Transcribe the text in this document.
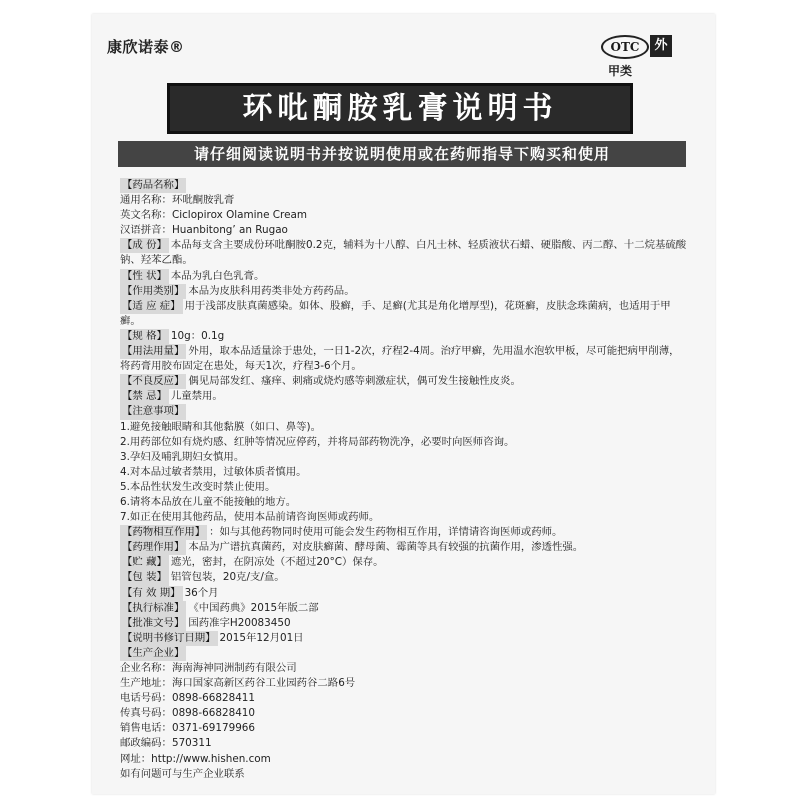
康欣诺泰®	OTC	外
甲类
环吡酮胺乳膏说明书
请仔细阅读说明书并按说明使用或在药师指导下购买和使用
【药品名称】
通用名称：环吡酮胺乳膏
英文名称：Ciclopirox Olamine Cream
汉语拼音：Huanbitong’ an Rugao
【成 份】 本品每支含主要成份环吡酮胺0.2克，辅料为十八醇、白凡士林、轻质液状石蜡、硬脂酸、丙二醇、十二烷基硫酸钠、羟苯乙酯。
【性 状】 本品为乳白色乳膏。
【作用类别】 本品为皮肤科用药类非处方药药品。
【适 应 症】 用于浅部皮肤真菌感染。如体、股癣，手、足癣(尤其是角化增厚型)，花斑癣，皮肤念珠菌病，也适用于甲癣。
【规 格】 10g：0.1g
【用法用量】 外用，取本品适量涂于患处，一日1-2次，疗程2-4周。治疗甲癣，先用温水泡软甲板，尽可能把病甲削薄，将药膏用胶布固定在患处，每天1次，疗程3-6个月。
【不良反应】 偶见局部发红、瘙痒、刺痛或烧灼感等刺激症状，偶可发生接触性皮炎。
【禁 忌】 儿童禁用。
【注意事项】
1.避免接触眼睛和其他黏膜（如口、鼻等)。
2.用药部位如有烧灼感、红肿等情况应停药，并将局部药物洗净，必要时向医师咨询。
3.孕妇及哺乳期妇女慎用。
4.对本品过敏者禁用，过敏体质者慎用。
5.本品性状发生改变时禁止使用。
6.请将本品放在儿童不能接触的地方。
7.如正在使用其他药品，使用本品前请咨询医师或药师。
【药物相互作用】 ：如与其他药物同时使用可能会发生药物相互作用，详情请咨询医师或药师。
【药理作用】 本品为广谱抗真菌药，对皮肤癣菌、酵母菌、霉菌等具有较强的抗菌作用，渗透性强。
【贮 藏】 遮光，密封，在阴凉处（不超过20°C）保存。
【包 装】 铝管包装，20克/支/盒。
【有 效 期】 36个月
【执行标准】 《中国药典》2015年版二部
【批准文号】 国药准字H20083450
【说明书修订日期】 2015年12月01日
【生产企业】
企业名称：海南海神同洲制药有限公司
生产地址：海口国家高新区药谷工业园药谷二路6号
电话号码：0898-66828411
传真号码：0898-66828410
销售电话：0371-69179966
邮政编码：570311
网址：http://www.hishen.com
如有问题可与生产企业联系
